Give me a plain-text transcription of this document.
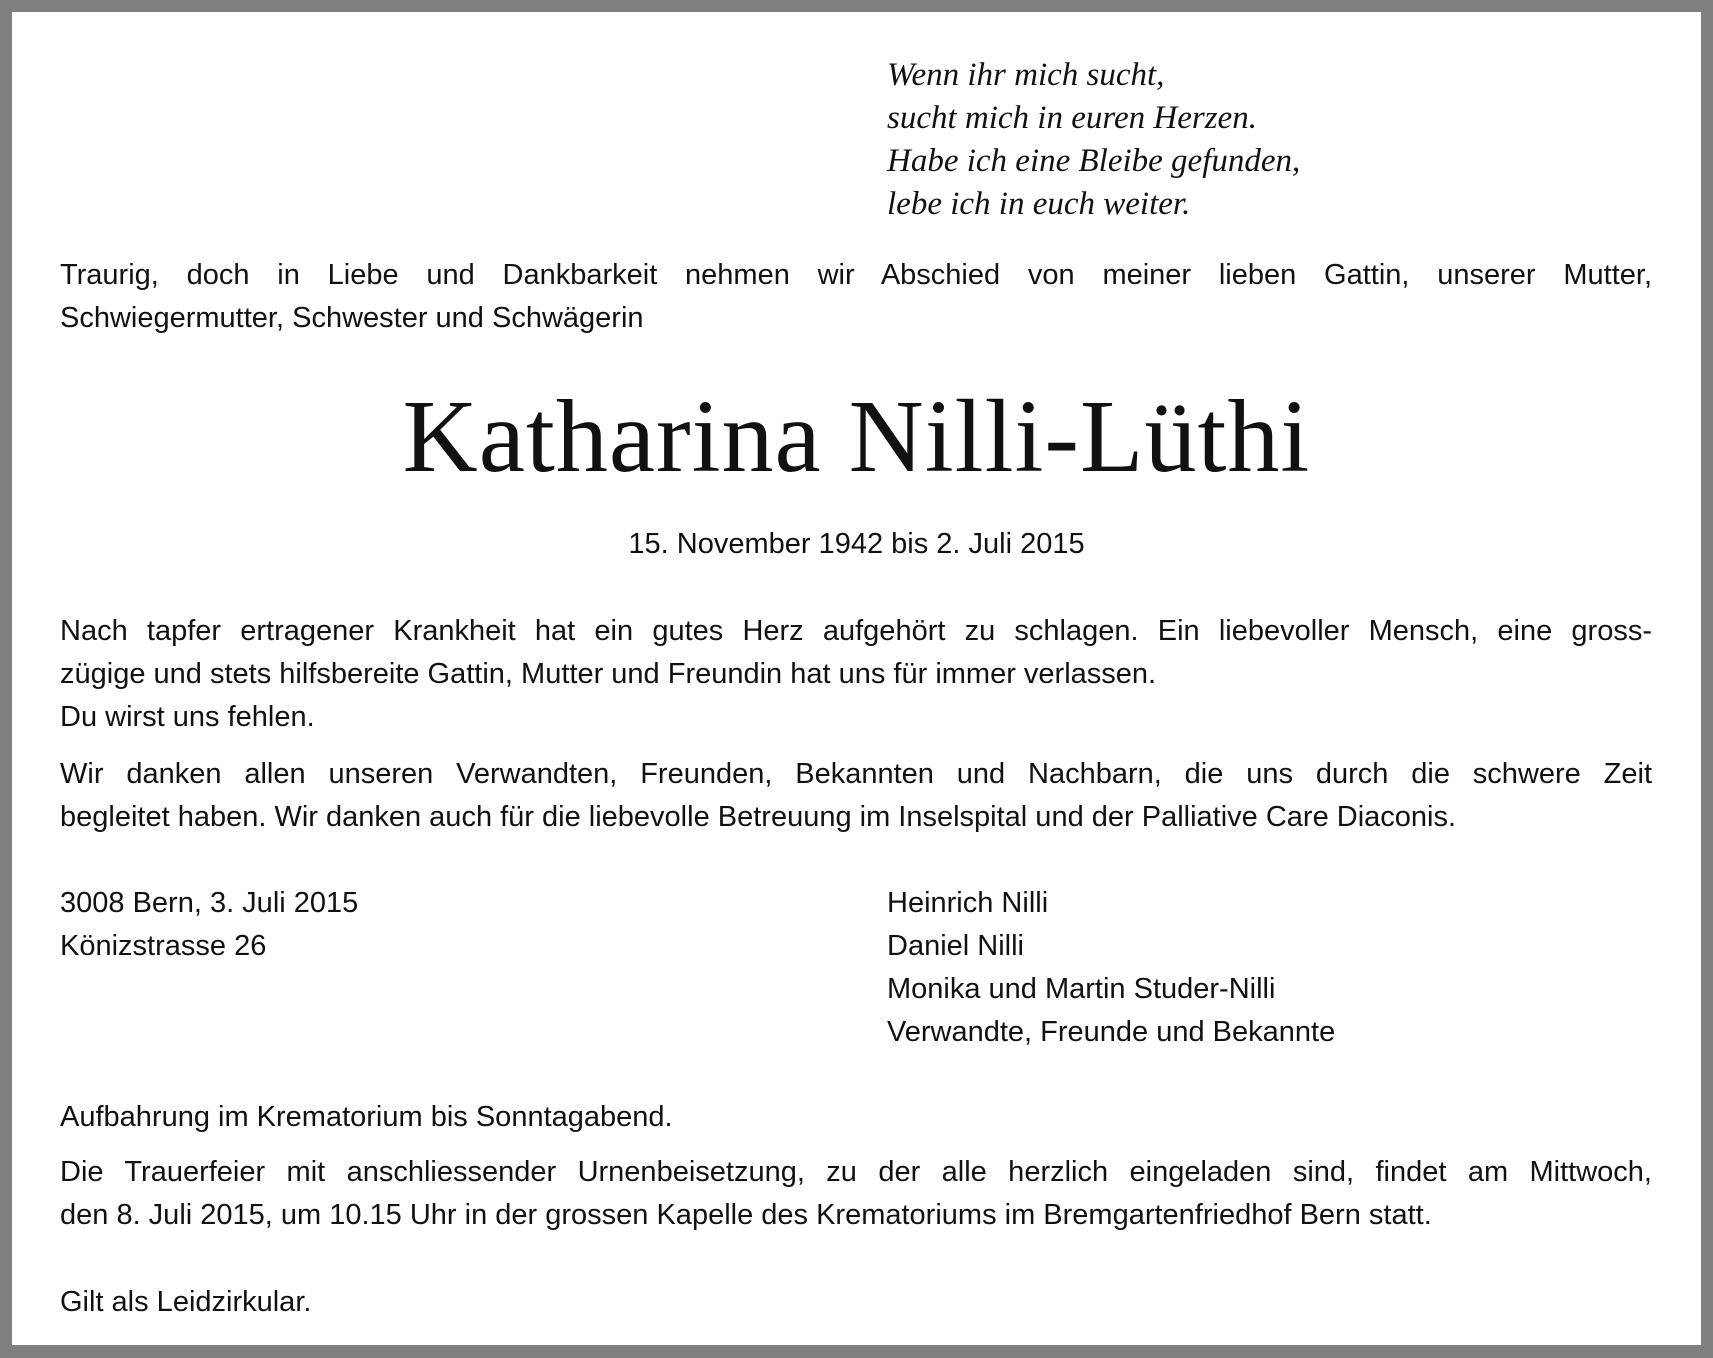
Wenn ihr mich sucht,
sucht mich in euren Herzen.
Habe ich eine Bleibe gefunden,
lebe ich in euch weiter.
Traurig, doch in Liebe und Dankbarkeit nehmen wir Abschied von meiner lieben Gattin, unserer Mutter,
Schwiegermutter, Schwester und Schwägerin
Katharina Nilli-Lüthi
15. November 1942 bis 2. Juli 2015
Nach tapfer ertragener Krankheit hat ein gutes Herz aufgehört zu schlagen. Ein liebevoller Mensch, eine gross-
zügige und stets hilfsbereite Gattin, Mutter und Freundin hat uns für immer verlassen.
Du wirst uns fehlen.
Wir danken allen unseren Verwandten, Freunden, Bekannten und Nachbarn, die uns durch die schwere Zeit
begleitet haben. Wir danken auch für die liebevolle Betreuung im Inselspital und der Palliative Care Diaconis.
3008 Bern, 3. Juli 2015
Könizstrasse 26
Heinrich Nilli
Daniel Nilli
Monika und Martin Studer-Nilli
Verwandte, Freunde und Bekannte
Aufbahrung im Krematorium bis Sonntagabend.
Die Trauerfeier mit anschliessender Urnenbeisetzung, zu der alle herzlich eingeladen sind, findet am Mittwoch,
den 8. Juli 2015, um 10.15 Uhr in der grossen Kapelle des Krematoriums im Bremgartenfriedhof Bern statt.
Gilt als Leidzirkular.
